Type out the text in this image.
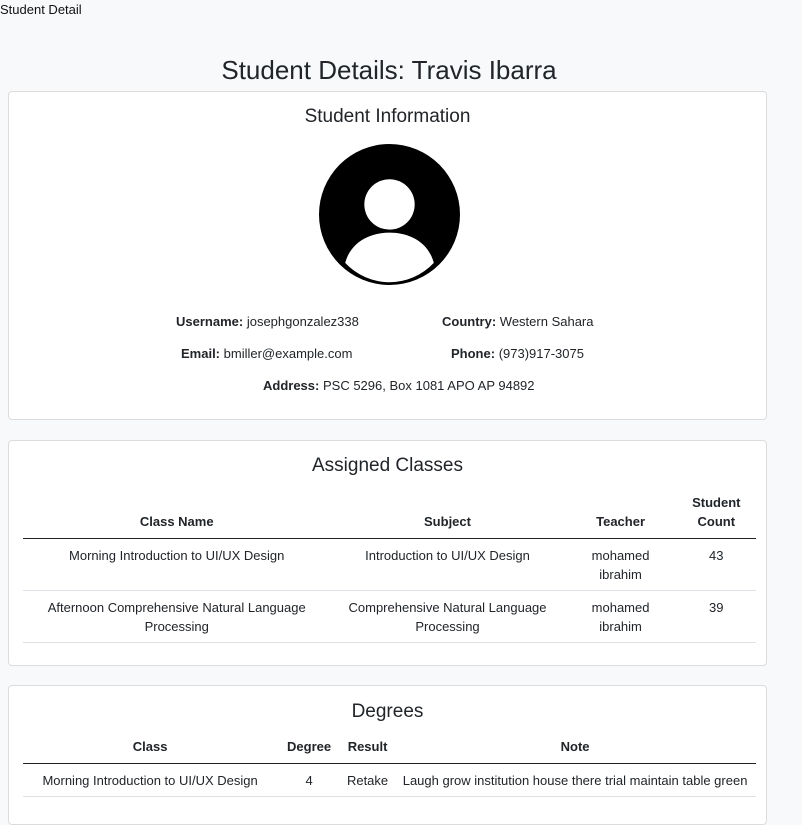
Student Detail
Student Details: Travis Ibarra
Student Information
Username: josephgonzalez338	Country: Western Sahara
Email: bmiller@example.com	Phone: (973)917-3075
Address: PSC 5296, Box 1081 APO AP 94892
Assigned Classes
Class Name	Subject	Teacher	Student Count
Morning Introduction to UI/UX Design	Introduction to UI/UX Design	mohamed ibrahim	43
Afternoon Comprehensive Natural Language Processing	Comprehensive Natural Language Processing	mohamed ibrahim	39
Degrees
Class	Degree	Result	Note
Morning Introduction to UI/UX Design	4	Retake	Laugh grow institution house there trial maintain table green
